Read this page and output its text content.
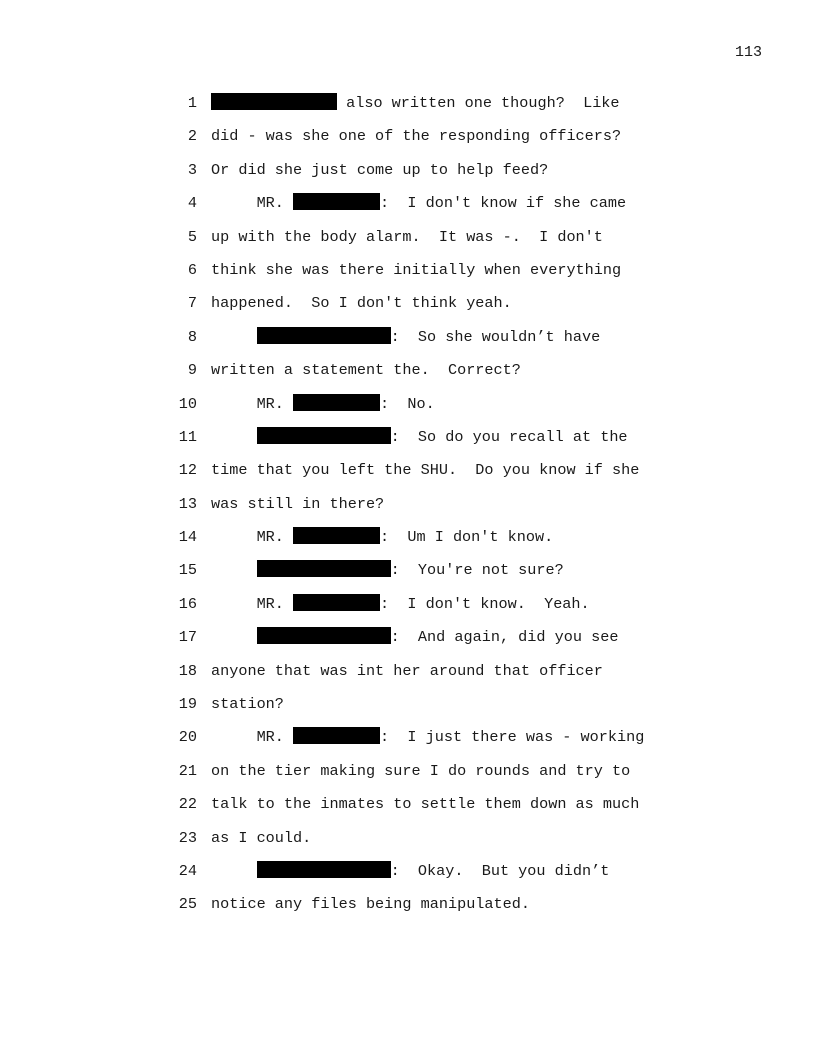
113
1	also written one though?  Like
2 did - was she one of the responding officers?
3 Or did she just come up to help feed?
4 MR.	:  I don't know if she came
5 up with the body alarm.  It was -.  I don't
6 think she was there initially when everything
7 happened.  So I don't think yeah.
8	:  So she wouldn’t have
9 written a statement the.  Correct?
10 MR.	:  No.
11	:  So do you recall at the
12 time that you left the SHU.  Do you know if she
13 was still in there?
14 MR.	:  Um I don't know.
15	:  You're not sure?
16 MR.	:  I don't know.  Yeah.
17	:  And again, did you see
18 anyone that was int her around that officer
19 station?
20 MR.	:  I just there was - working
21 on the tier making sure I do rounds and try to
22 talk to the inmates to settle them down as much
23 as I could.
24	:  Okay.  But you didn’t
25 notice any files being manipulated.
